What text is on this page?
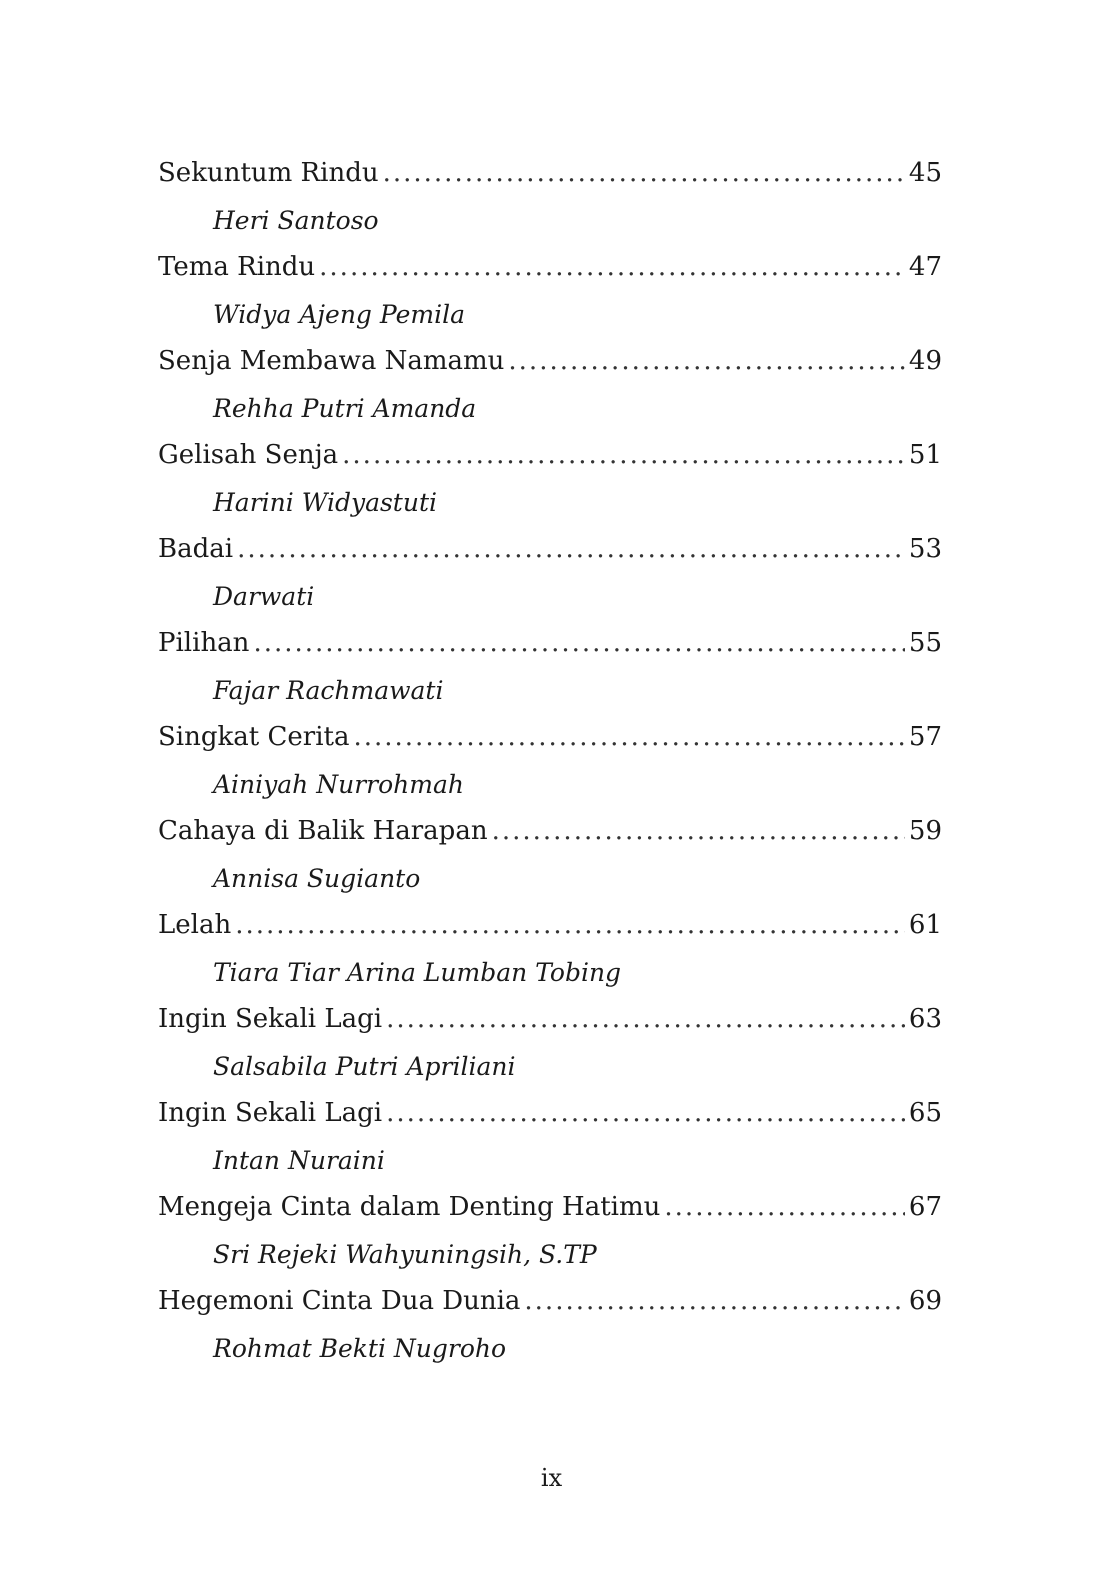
Sekuntum Rindu .....	45
Heri Santoso
Tema Rindu .....	47
Widya Ajeng Pemila
Senja Membawa Namamu .....	49
Rehha Putri Amanda
Gelisah Senja .....	51
Harini Widyastuti
Badai .....	53
Darwati
Pilihan .....	55
Fajar Rachmawati
Singkat Cerita .....	57
Ainiyah Nurrohmah
Cahaya di Balik Harapan .....	59
Annisa Sugianto
Lelah .....	61
Tiara Tiar Arina Lumban Tobing
Ingin Sekali Lagi .....	63
Salsabila Putri Apriliani
Ingin Sekali Lagi .....	65
Intan Nuraini
Mengeja Cinta dalam Denting Hatimu .....	67
Sri Rejeki Wahyuningsih, S.TP
Hegemoni Cinta Dua Dunia .....	69
Rohmat Bekti Nugroho
ix
